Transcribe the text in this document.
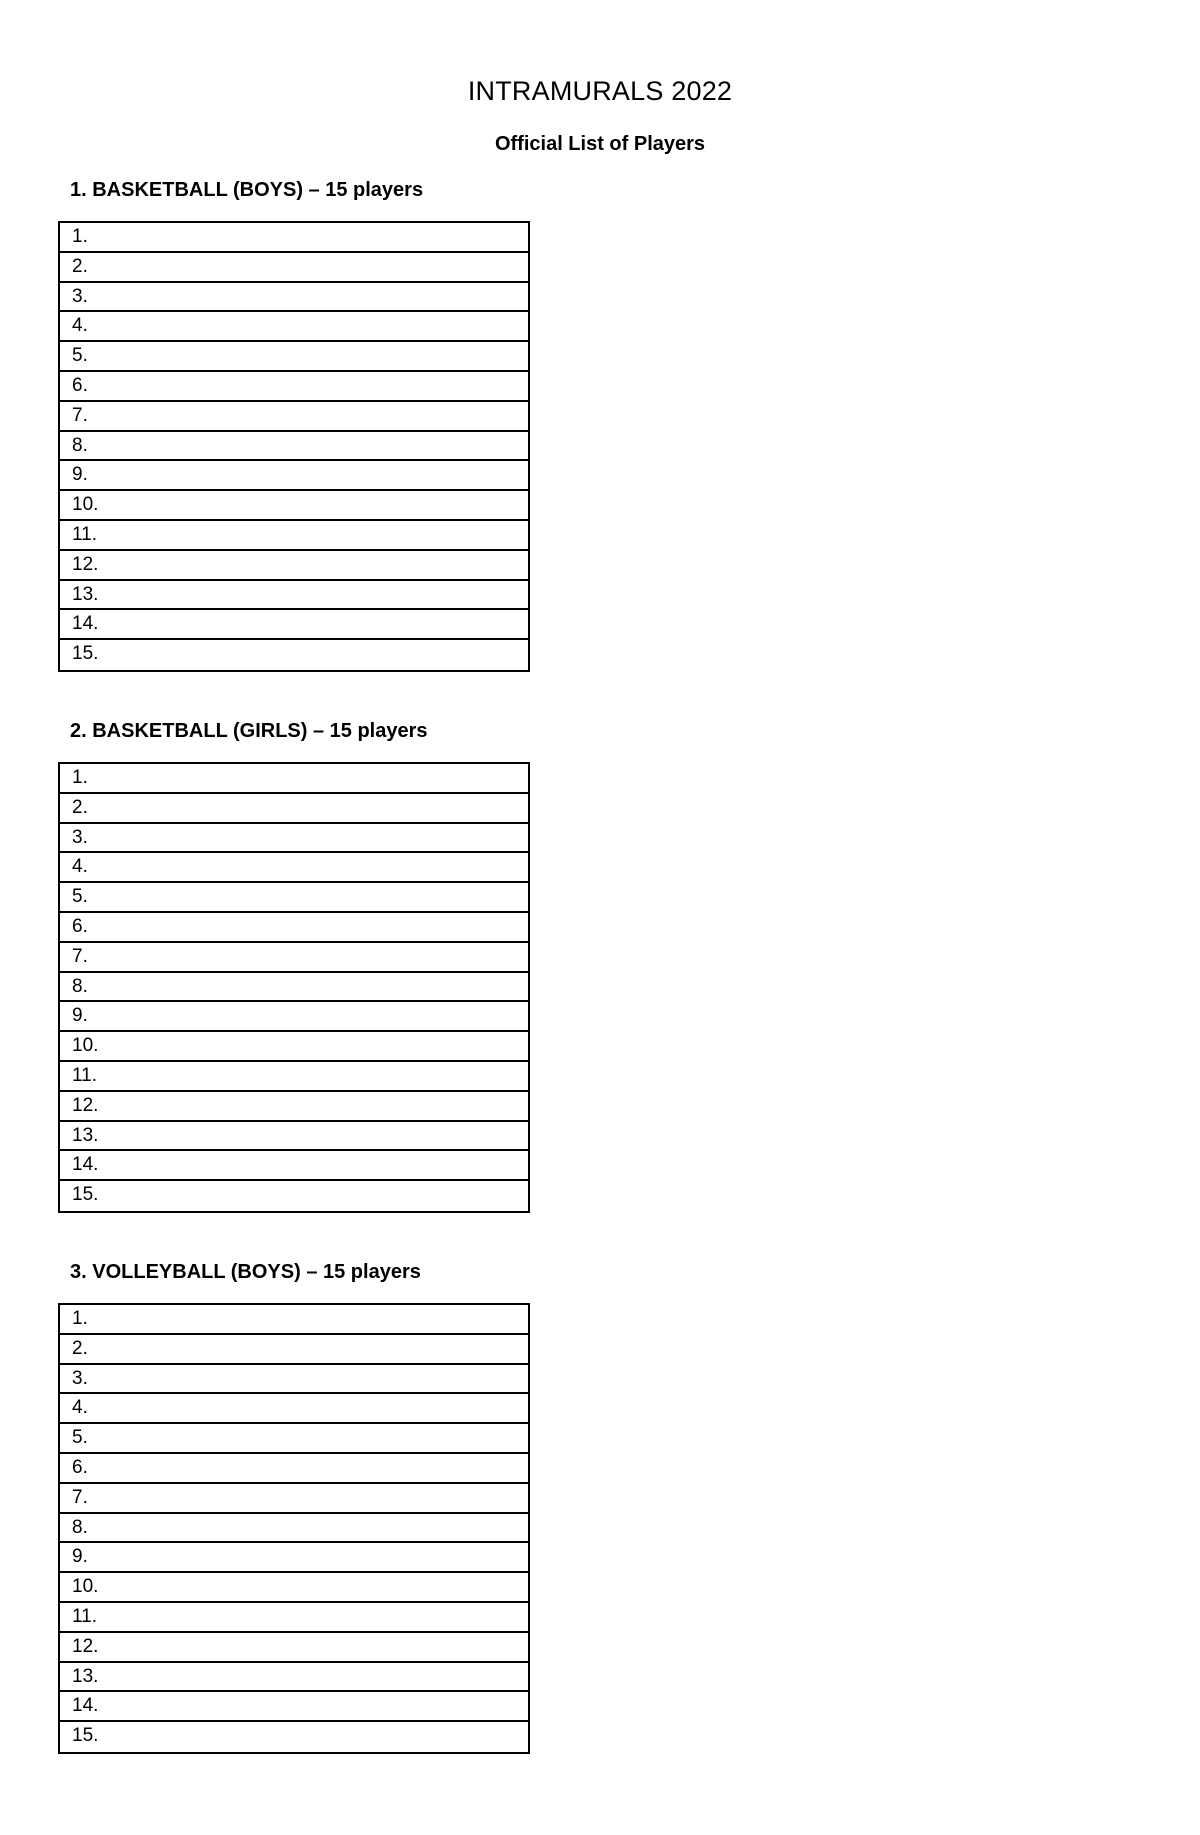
INTRAMURALS 2022
Official List of Players
1. BASKETBALL (BOYS) – 15 players
1.
2.
3.
4.
5.
6.
7.
8.
9.
10.
11.
12.
13.
14.
15.
2. BASKETBALL (GIRLS) – 15 players
1.
2.
3.
4.
5.
6.
7.
8.
9.
10.
11.
12.
13.
14.
15.
3. VOLLEYBALL (BOYS) – 15 players
1.
2.
3.
4.
5.
6.
7.
8.
9.
10.
11.
12.
13.
14.
15.
